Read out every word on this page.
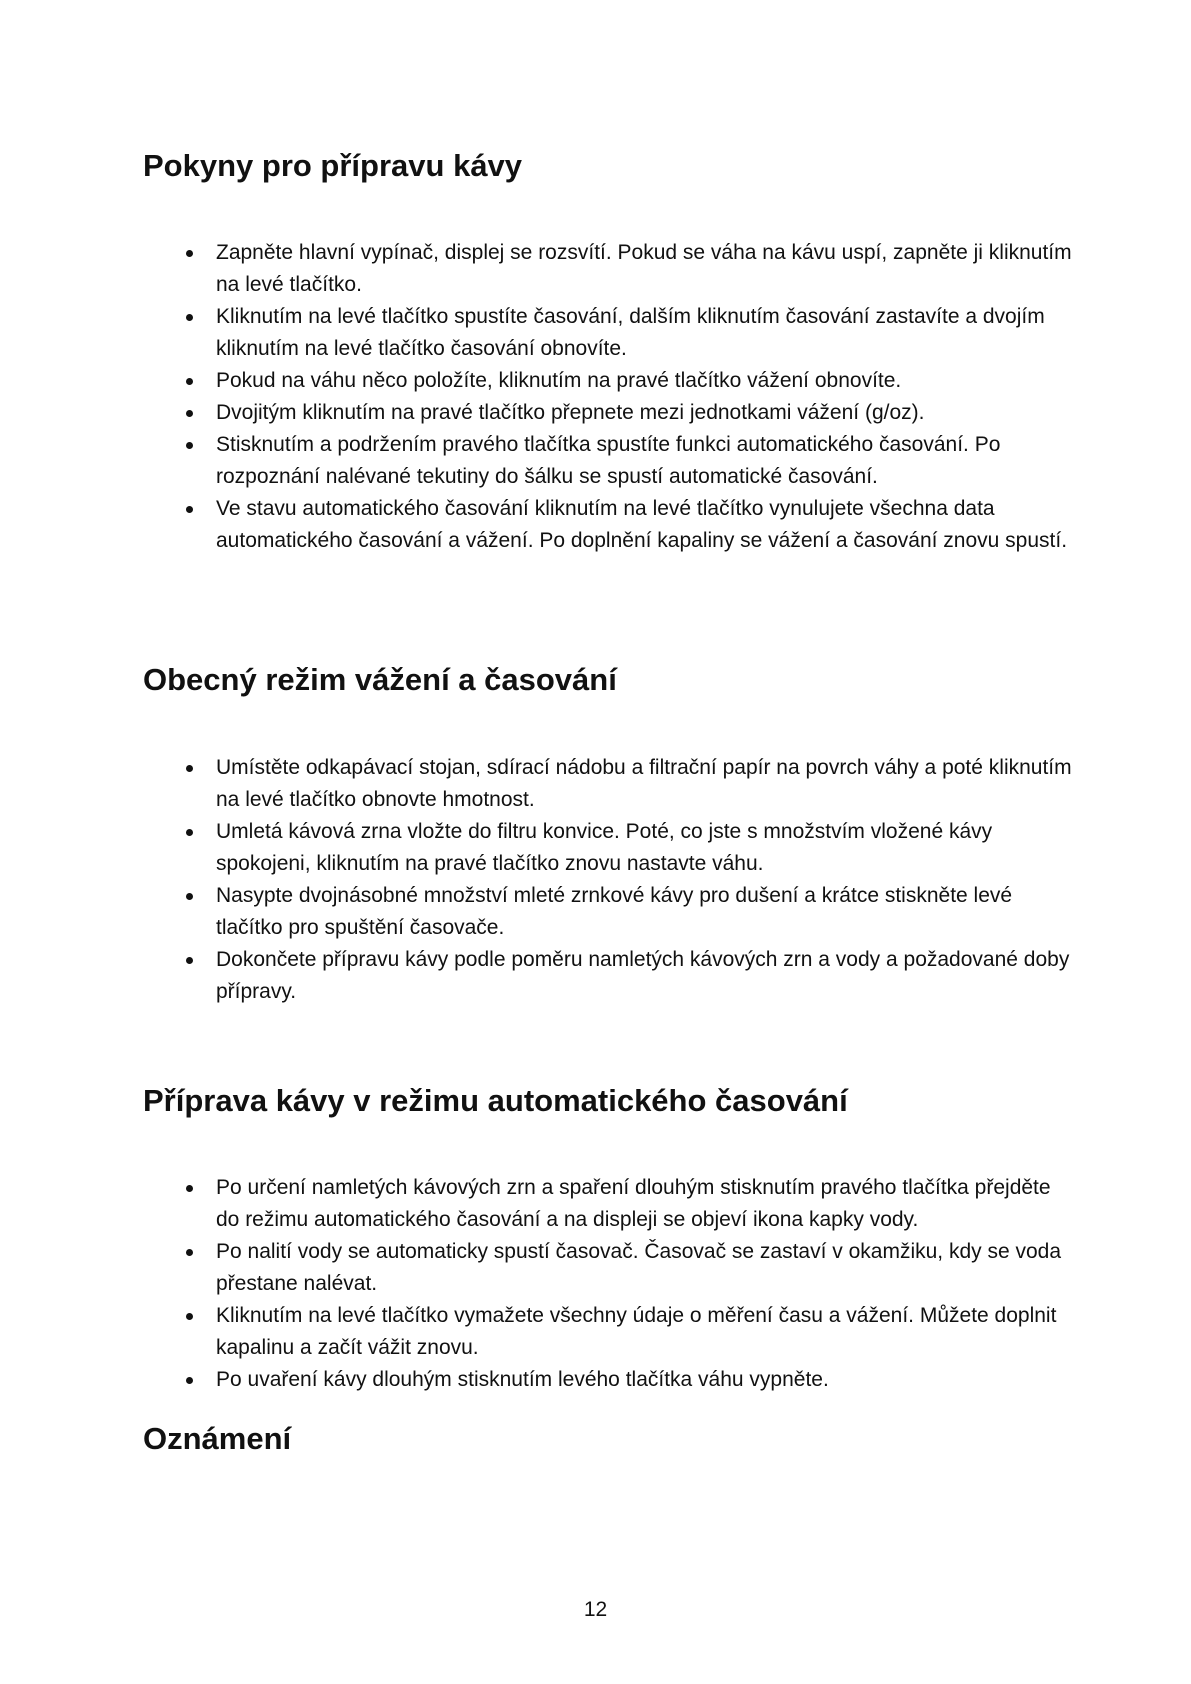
Pokyny pro přípravu kávy
Zapněte hlavní vypínač, displej se rozsvítí. Pokud se váha na kávu uspí, zapněte ji kliknutím na levé tlačítko.
Kliknutím na levé tlačítko spustíte časování, dalším kliknutím časování zastavíte a dvojím kliknutím na levé tlačítko časování obnovíte.
Pokud na váhu něco položíte, kliknutím na pravé tlačítko vážení obnovíte.
Dvojitým kliknutím na pravé tlačítko přepnete mezi jednotkami vážení (g/oz).
Stisknutím a podržením pravého tlačítka spustíte funkci automatického časování. Po rozpoznání nalévané tekutiny do šálku se spustí automatické časování.
Ve stavu automatického časování kliknutím na levé tlačítko vynulujete všechna data automatického časování a vážení. Po doplnění kapaliny se vážení a časování znovu spustí.
Obecný režim vážení a časování
Umístěte odkapávací stojan, sdírací nádobu a filtrační papír na povrch váhy a poté kliknutím na levé tlačítko obnovte hmotnost.
Umletá kávová zrna vložte do filtru konvice. Poté, co jste s množstvím vložené kávy spokojeni, kliknutím na pravé tlačítko znovu nastavte váhu.
Nasypte dvojnásobné množství mleté zrnkové kávy pro dušení a krátce stiskněte levé tlačítko pro spuštění časovače.
Dokončete přípravu kávy podle poměru namletých kávových zrn a vody a požadované doby přípravy.
Příprava kávy v režimu automatického časování
Po určení namletých kávových zrn a spaření dlouhým stisknutím pravého tlačítka přejděte do režimu automatického časování a na displeji se objeví ikona kapky vody.
Po nalití vody se automaticky spustí časovač. Časovač se zastaví v okamžiku, kdy se voda přestane nalévat.
Kliknutím na levé tlačítko vymažete všechny údaje o měření času a vážení. Můžete doplnit kapalinu a začít vážit znovu.
Po uvaření kávy dlouhým stisknutím levého tlačítka váhu vypněte.
Oznámení
12
